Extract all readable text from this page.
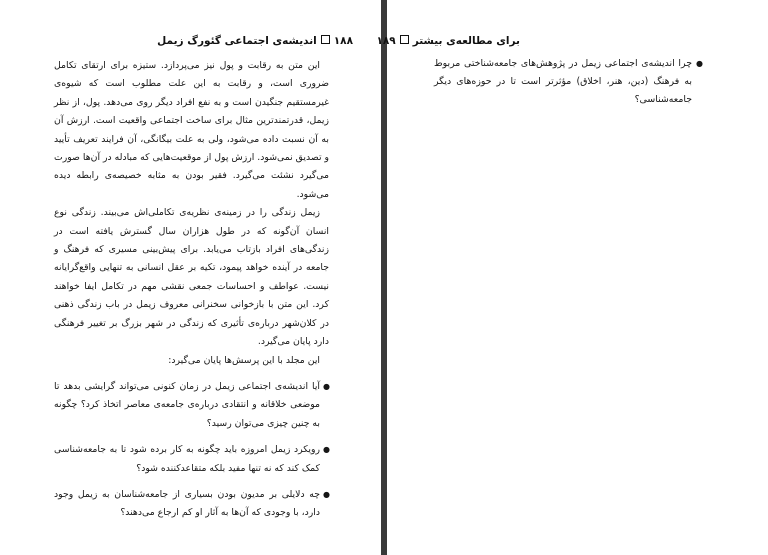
۱۸۸اندیشه‌ی اجتماعی گئورگ زیمل

این متن به رقابت و پول نیز می‌پردازد. ستیزه برای ارتقای تکامل ضروری است، و رقابت به این علت مطلوب است که شیوه‌ی غیرمستقیم جنگیدن است و به نفع افراد دیگر روی می‌دهد. پول، از نظر زیمل، قدرتمندترین مثال برای ساخت اجتماعی واقعیت است. ارزش آن به آن نسبت داده می‌شود، ولی به علت بیگانگی، آن فرایند تعریف تأیید و تصدیق نمی‌شود. ارزش پول از موقعیت‌هایی که مبادله در آن‌ها صورت می‌گیرد نشئت می‌گیرد. فقیر بودن به مثابه خصیصه‌ی رابطه دیده می‌شود.

زیمل زندگی را در زمینه‌ی نظریه‌ی تکاملی‌اش می‌بیند. زندگی نوع انسان آن‌گونه که در طول هزاران سال گسترش یافته است در زندگی‌های افراد بازتاب می‌یابد. برای پیش‌بینی مسیری که فرهنگ و جامعه در آینده خواهد پیمود، تکیه بر عقل انسانی به تنهایی واقع‌گرایانه نیست. عواطف و احساسات جمعی نقشی مهم در تکامل ایفا خواهند کرد. این متن با بازخوانی سخنرانی معروف زیمل در باب زندگی ذهنی در کلان‌شهر درباره‌ی تأثیری که زندگی در شهر بزرگ بر تغییر فرهنگی دارد پایان می‌گیرد.

این مجلد با این پرسش‌ها پایان می‌گیرد:

● آیا اندیشه‌ی اجتماعی زیمل در زمان کنونی می‌تواند گرایشی بدهد تا موضعی خلاقانه و انتقادی درباره‌ی جامعه‌ی معاصر اتخاذ کرد؟ چگونه به چنین چیزی می‌توان رسید؟

● رویکرد زیمل امروزه باید چگونه به کار برده شود تا به جامعه‌شناسی کمک کند که نه تنها مفید بلکه متقاعدکننده شود؟

● چه دلایلی بر مدیون بودن بسیاری از جامعه‌شناسان به زیمل وجود دارد، با وجودی که آن‌ها به آثار او کم ارجاع می‌دهند؟

برای مطالعه‌ی بیشتر۱۸۹

● چرا اندیشه‌ی اجتماعی زیمل در پژوهش‌های جامعه‌شناختی مربوط به فرهنگ (دین، هنر، اخلاق) مؤثرتر است تا در حوزه‌های دیگر جامعه‌شناسی؟
